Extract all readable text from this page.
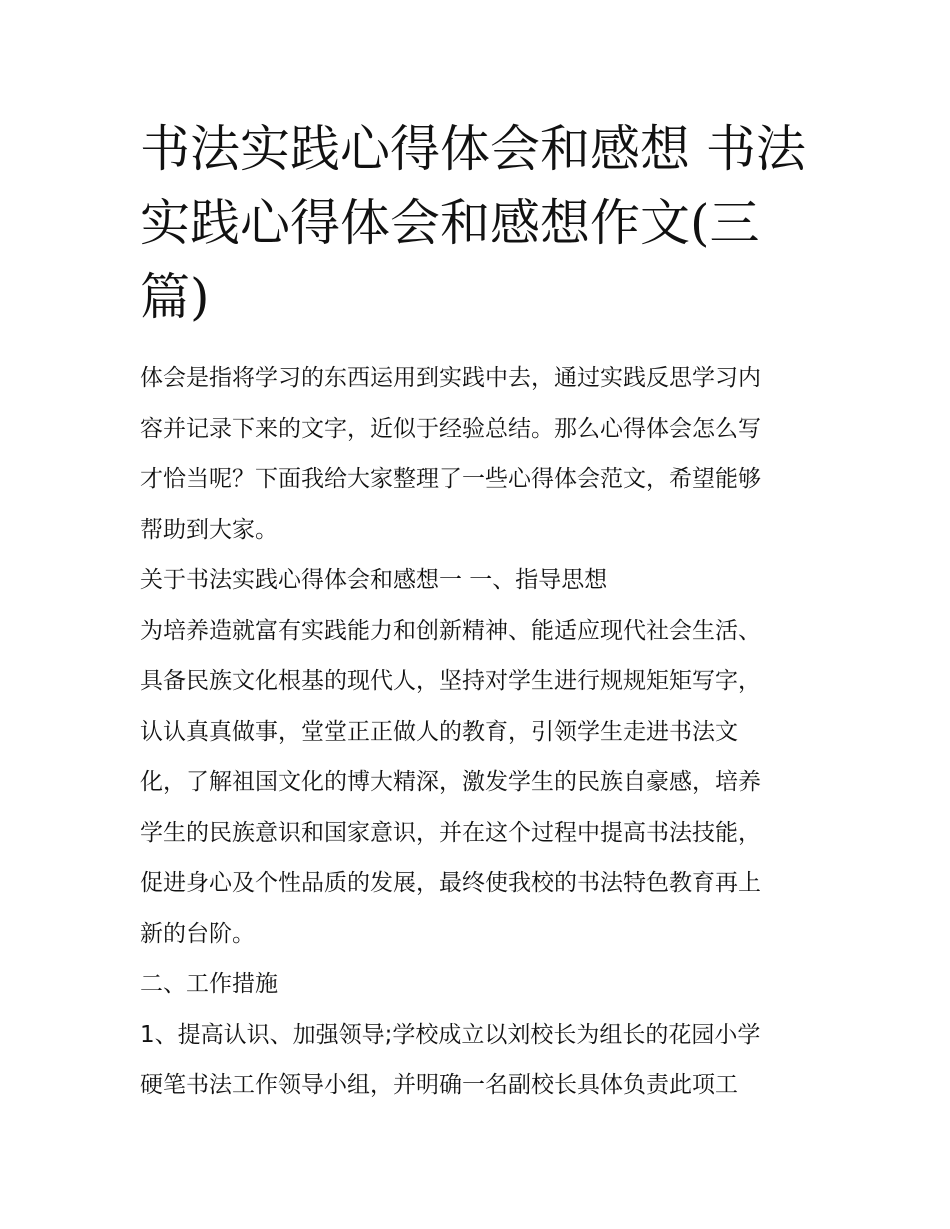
书法实践心得体会和感想 书法
实践心得体会和感想作文(三
篇)
体会是指将学习的东西运用到实践中去，通过实践反思学习内
容并记录下来的文字，近似于经验总结。那么心得体会怎么写
才恰当呢？下面我给大家整理了一些心得体会范文，希望能够
帮助到大家。
关于书法实践心得体会和感想一 一、指导思想
为培养造就富有实践能力和创新精神、能适应现代社会生活、
具备民族文化根基的现代人，坚持对学生进行规规矩矩写字，
认认真真做事，堂堂正正做人的教育，引领学生走进书法文
化，了解祖国文化的博大精深，激发学生的民族自豪感，培养
学生的民族意识和国家意识，并在这个过程中提高书法技能，
促进身心及个性品质的发展，最终使我校的书法特色教育再上
新的台阶。
二、工作措施
1、提高认识、加强领导;学校成立以刘校长为组长的花园小学
硬笔书法工作领导小组，并明确一名副校长具体负责此项工
